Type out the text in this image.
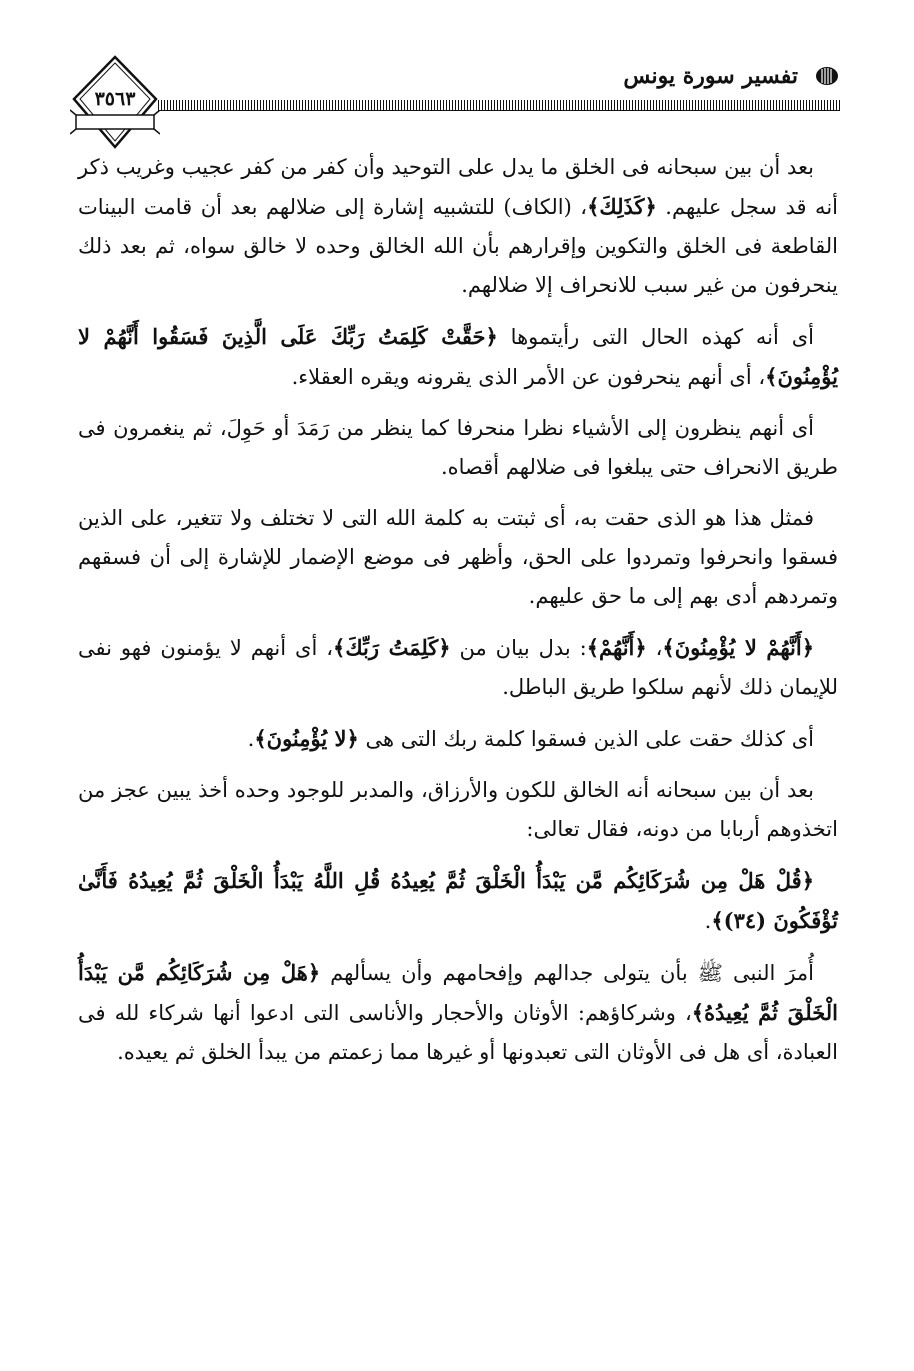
٣٥٦٣
تفسير سورة يونس

بعد أن بين سبحانه فى الخلق ما يدل على التوحيد وأن كفر من كفر عجيب وغريب ذكر أنه قد سجل عليهم. ﴿كَذَلِكَ﴾، (الكاف) للتشبيه إشارة إلى ضلالهم بعد أن قامت البينات القاطعة فى الخلق والتكوين وإقرارهم بأن الله الخالق وحده لا خالق سواه، ثم بعد ذلك ينحرفون من غير سبب للانحراف إلا ضلالهم.

أى أنه كهذه الحال التى رأيتموها ﴿حَقَّتْ كَلِمَتُ رَبِّكَ عَلَى الَّذِينَ فَسَقُوا أَنَّهُمْ لا يُؤْمِنُونَ﴾، أى أنهم ينحرفون عن الأمر الذى يقرونه ويقره العقلاء.

أى أنهم ينظرون إلى الأشياء نظرا منحرفا كما ينظر من رَمَدَ أو حَوِلَ، ثم ينغمرون فى طريق الانحراف حتى يبلغوا فى ضلالهم أقصاه.

فمثل هذا هو الذى حقت به، أى ثبتت به كلمة الله التى لا تختلف ولا تتغير، على الذين فسقوا وانحرفوا وتمردوا على الحق، وأظهر فى موضع الإضمار للإشارة إلى أن فسقهم وتمردهم أدى بهم إلى ما حق عليهم.

﴿أَنَّهُمْ لا يُؤْمِنُونَ﴾، ﴿أَنَّهُمْ﴾: بدل بيان من ﴿كَلِمَتُ رَبِّكَ﴾، أى أنهم لا يؤمنون فهو نفى للإيمان ذلك لأنهم سلكوا طريق الباطل.

أى كذلك حقت على الذين فسقوا كلمة ربك التى هى ﴿لا يُؤْمِنُونَ﴾.

بعد أن بين سبحانه أنه الخالق للكون والأرزاق، والمدبر للوجود وحده أخذ يبين عجز من اتخذوهم أربابا من دونه، فقال تعالى:

﴿قُلْ هَلْ مِن شُرَكَائِكُم مَّن يَبْدَأُ الْخَلْقَ ثُمَّ يُعِيدُهُ قُلِ اللَّهُ يَبْدَأُ الْخَلْقَ ثُمَّ يُعِيدُهُ فَأَنَّىٰ تُؤْفَكُونَ (٣٤)﴾.

أُمرَ النبى ﷺ بأن يتولى جدالهم وإفحامهم وأن يسألهم ﴿هَلْ مِن شُرَكَائِكُم مَّن يَبْدَأُ الْخَلْقَ ثُمَّ يُعِيدُهُ﴾، وشركاؤهم: الأوثان والأحجار والأناسى التى ادعوا أنها شركاء لله فى العبادة، أى هل فى الأوثان التى تعبدونها أو غيرها مما زعمتم من يبدأ الخلق ثم يعيده.
